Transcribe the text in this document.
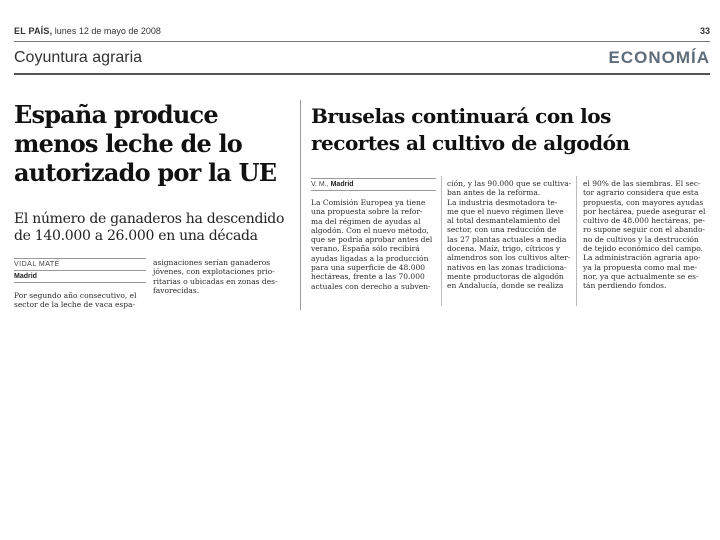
EL PAÍS, lunes 12 de mayo de 2008	33
Coyuntura agraria	ECONOMÍA
España produce
menos leche de lo
autorizado por la UE
El número de ganaderos ha descendido
de 140.000 a 26.000 en una década
VIDAL MATÉ
Madrid
Por segundo año consecutivo, el
sector de la leche de vaca espa-
asignaciones serían ganaderos
jóvenes, con explotaciones prio-
ritarias o ubicadas en zonas des-
favorecidas.
Bruselas continuará con los
recortes al cultivo de algodón
V. M., Madrid
La Comisión Europea ya tiene
una propuesta sobre la refor-
ma del régimen de ayudas al
algodón. Con el nuevo método,
que se podría aprobar antes del
verano, España sólo recibirá
ayudas ligadas a la producción
para una superficie de 48.000
hectáreas, frente a las 70.000
actuales con derecho a subven-
ción, y las 90.000 que se cultiva-
ban antes de la reforma.
La industria desmotadora te-
me que el nuevo régimen lleve
al total desmantelamiento del
sector, con una reducción de
las 27 plantas actuales a media
docena. Maíz, trigo, cítricos y
almendros son los cultivos alter-
nativos en las zonas tradiciona-
mente productoras de algodón
en Andalucía, donde se realiza
el 90% de las siembras. El sec-
tor agrario considera que esta
propuesta, con mayores ayudas
por hectárea, puede asegurar el
cultivo de 48.000 hectáreas, pe-
ro supone seguir con el abando-
no de cultivos y la destrucción
de tejido económico del campo.
La administración agraria apo-
ya la propuesta como mal me-
nor, ya que actualmente se es-
tán perdiendo fondos.
